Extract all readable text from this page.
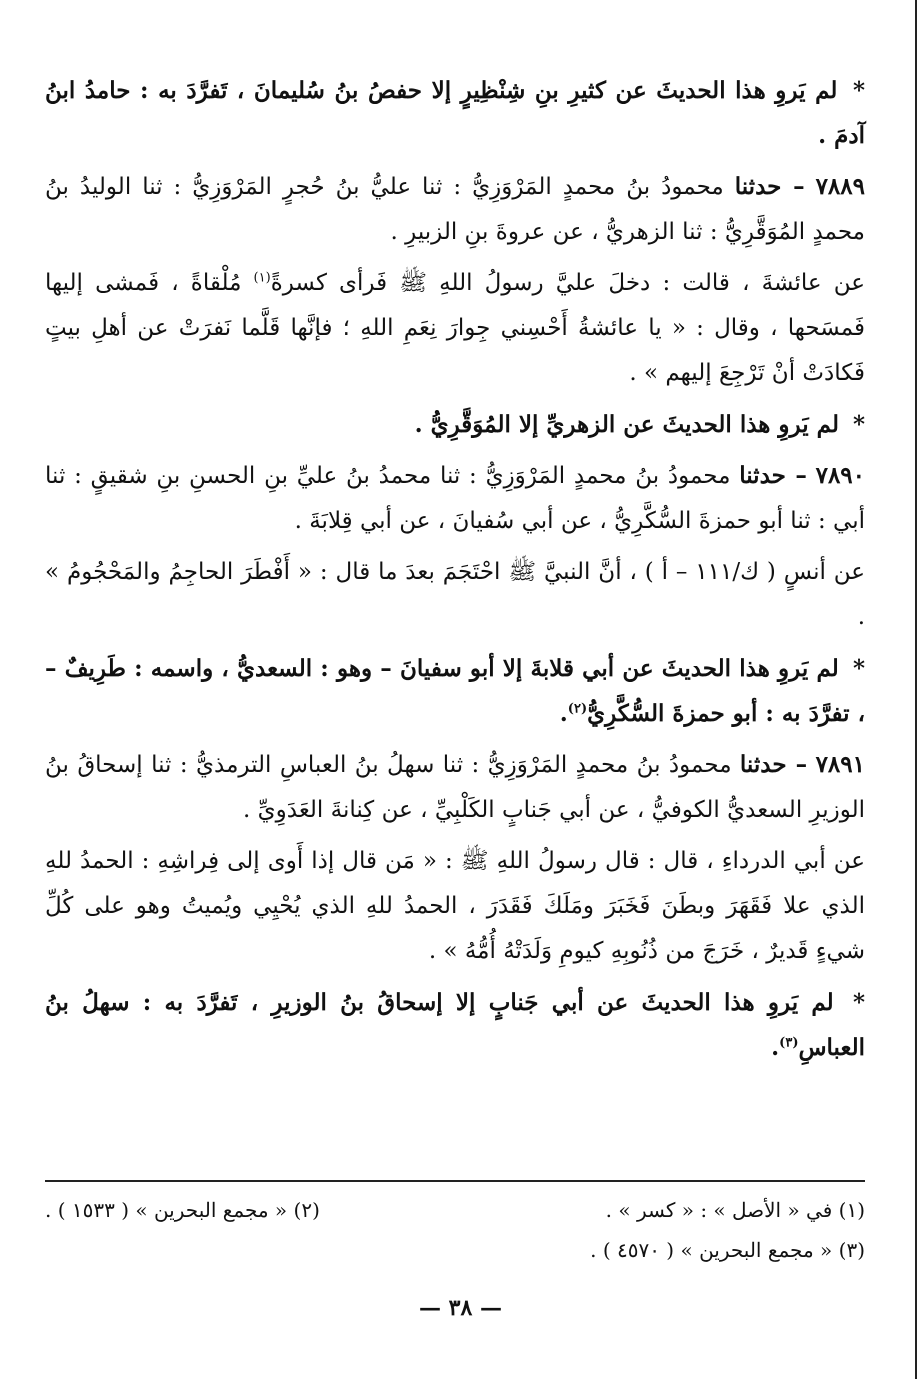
* لم يَروِ هذا الحديثَ عن كثيرِ بنِ شِنْظِيرٍ إلا حفصُ بنُ سُليمانَ ، تَفرَّدَ به : حامدُ ابنُ آدمَ .

٧٨٨٩ – حدثنا محمودُ بنُ محمدٍ المَرْوَزِيُّ : ثنا عليُّ بنُ حُجرٍ المَرْوَزِيُّ : ثنا الوليدُ بنُ محمدٍ المُوَقَّرِيُّ : ثنا الزهريُّ ، عن عروةَ بنِ الزبيرِ .

عن عائشةَ ، قالت : دخلَ عليَّ رسولُ اللهِ ﷺ فَرأى كسرةً$^{(١)}$ مُلْقاةً ، فَمشى إليها فَمسَحها ، وقال : « يا عائشةُ أَحْسِني جِوارَ نِعَمِ اللهِ ؛ فإنَّها قَلَّما نَفرَتْ عن أهلِ بيتٍ فَكادَتْ أنْ تَرْجِعَ إليهم » .

* لم يَروِ هذا الحديثَ عن الزهريِّ إلا المُوَقَّرِيُّ .

٧٨٩٠ – حدثنا محمودُ بنُ محمدٍ المَرْوَزِيُّ : ثنا محمدُ بنُ عليِّ بنِ الحسنِ بنِ شقيقٍ : ثنا أبي : ثنا أبو حمزةَ السُّكَّرِيُّ ، عن أبي سُفيانَ ، عن أبي قِلابَةَ .

عن أنسٍ ( ك/١١١ – أ ) ، أنَّ النبيَّ ﷺ احْتَجَمَ بعدَ ما قال : « أَفْطَرَ الحاجِمُ والمَحْجُومُ » .

* لم يَروِ هذا الحديثَ عن أبي قلابةَ إلا أبو سفيانَ – وهو : السعديُّ ، واسمه : طَرِيفٌ – ، تفرَّدَ به : أبو حمزةَ السُّكَّرِيُّ$^{(٢)}$.

٧٨٩١ – حدثنا محمودُ بنُ محمدٍ المَرْوَزِيُّ : ثنا سهلُ بنُ العباسِ الترمذيُّ : ثنا إسحاقُ بنُ الوزيرِ السعديُّ الكوفيُّ ، عن أبي جَنابٍ الكَلْبِيِّ ، عن كِنانةَ العَدَوِيِّ .

عن أبي الدرداءِ ، قال : قال رسولُ اللهِ ﷺ : « مَن قال إذا أَوى إلى فِراشِهِ : الحمدُ للهِ الذي علا فَقَهَرَ وبطَنَ فَخَبَرَ ومَلَكَ فَقَدَرَ ، الحمدُ للهِ الذي يُحْيِي ويُميتُ وهو على كُلِّ شيءٍ قَديرٌ ، خَرَجَ من ذُنُوبِهِ كيومِ وَلَدَتْهُ أُمُّهُ » .

* لم يَروِ هذا الحديثَ عن أبي جَنابٍ إلا إسحاقُ بنُ الوزيرِ ، تَفرَّدَ به : سهلُ بنُ العباسِ$^{(٣)}$.

(١) في « الأصل » : « كسر » .
(٢) « مجمع البحرين » ( ١٥٣٣ ) .
(٣) « مجمع البحرين » ( ٤٥٧٠ ) .
— ٣٨ —
